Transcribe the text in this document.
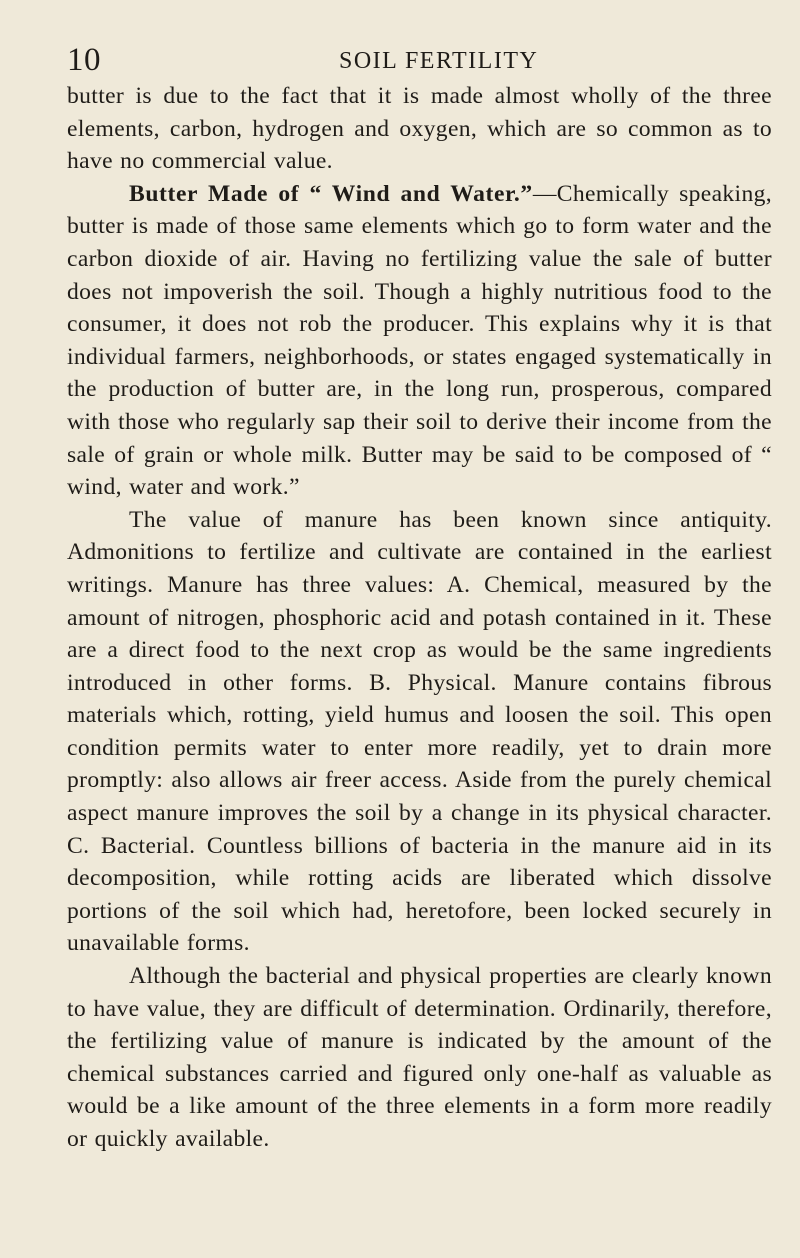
10	SOIL FERTILITY

butter is due to the fact that it is made almost wholly of the three elements, carbon, hydrogen and oxygen, which are so common as to have no commercial value.

Butter Made of “ Wind and Water.”—Chemically speaking, butter is made of those same elements which go to form water and the carbon dioxide of air. Having no fertilizing value the sale of butter does not impoverish the soil. Though a highly nutritious food to the consumer, it does not rob the producer. This explains why it is that individual farmers, neighborhoods, or states engaged systematically in the production of butter are, in the long run, prosperous, compared with those who regularly sap their soil to derive their income from the sale of grain or whole milk. Butter may be said to be composed of “ wind, water and work.”

The value of manure has been known since antiquity. Admonitions to fertilize and cultivate are contained in the earliest writings. Manure has three values: A. Chemical, measured by the amount of nitrogen, phosphoric acid and potash contained in it. These are a direct food to the next crop as would be the same ingredients introduced in other forms. B. Physical. Manure contains fibrous materials which, rotting, yield humus and loosen the soil. This open condition permits water to enter more readily, yet to drain more promptly: also allows air freer access. Aside from the purely chemical aspect manure improves the soil by a change in its physical character. C. Bacterial. Countless billions of bacteria in the manure aid in its decomposition, while rotting acids are liberated which dissolve portions of the soil which had, heretofore, been locked securely in unavailable forms.

Although the bacterial and physical properties are clearly known to have value, they are difficult of determination. Ordinarily, therefore, the fertilizing value of manure is indicated by the amount of the chemical substances carried and figured only one-half as valuable as would be a like amount of the three elements in a form more readily or quickly available.
